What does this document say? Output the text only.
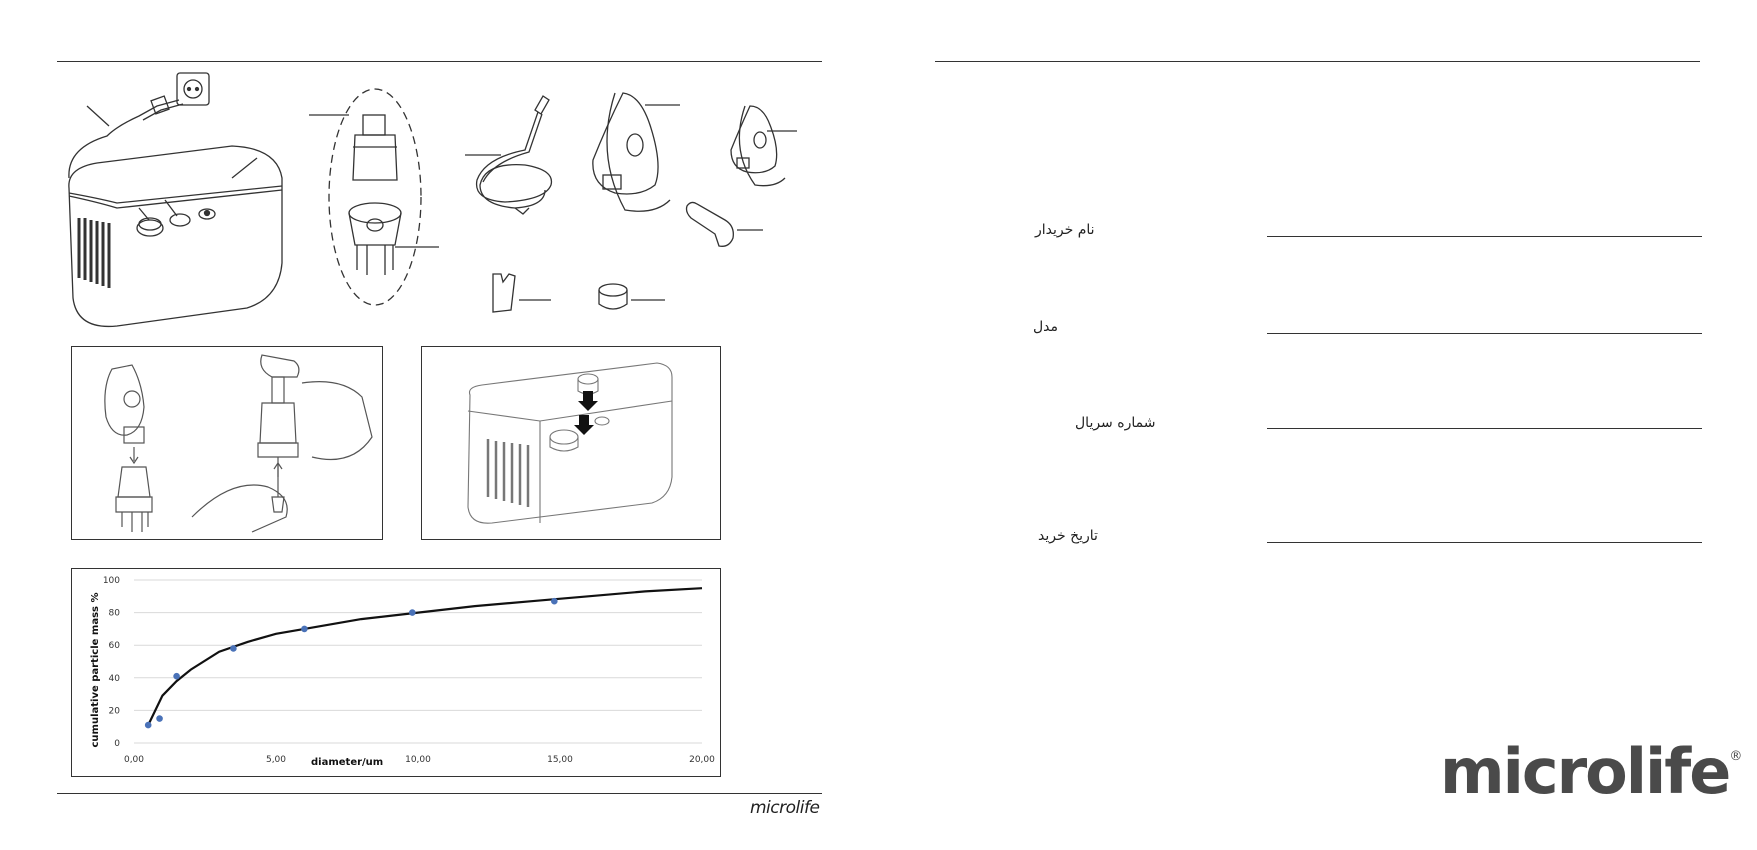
0
20
40
60
80
100
0,00	5,00	10,00	15,00	20,00
diameter/um
cumulative particle mass %
نام خریدار
مدل
شماره سریال
تاریخ خرید
microlife	microlife®
